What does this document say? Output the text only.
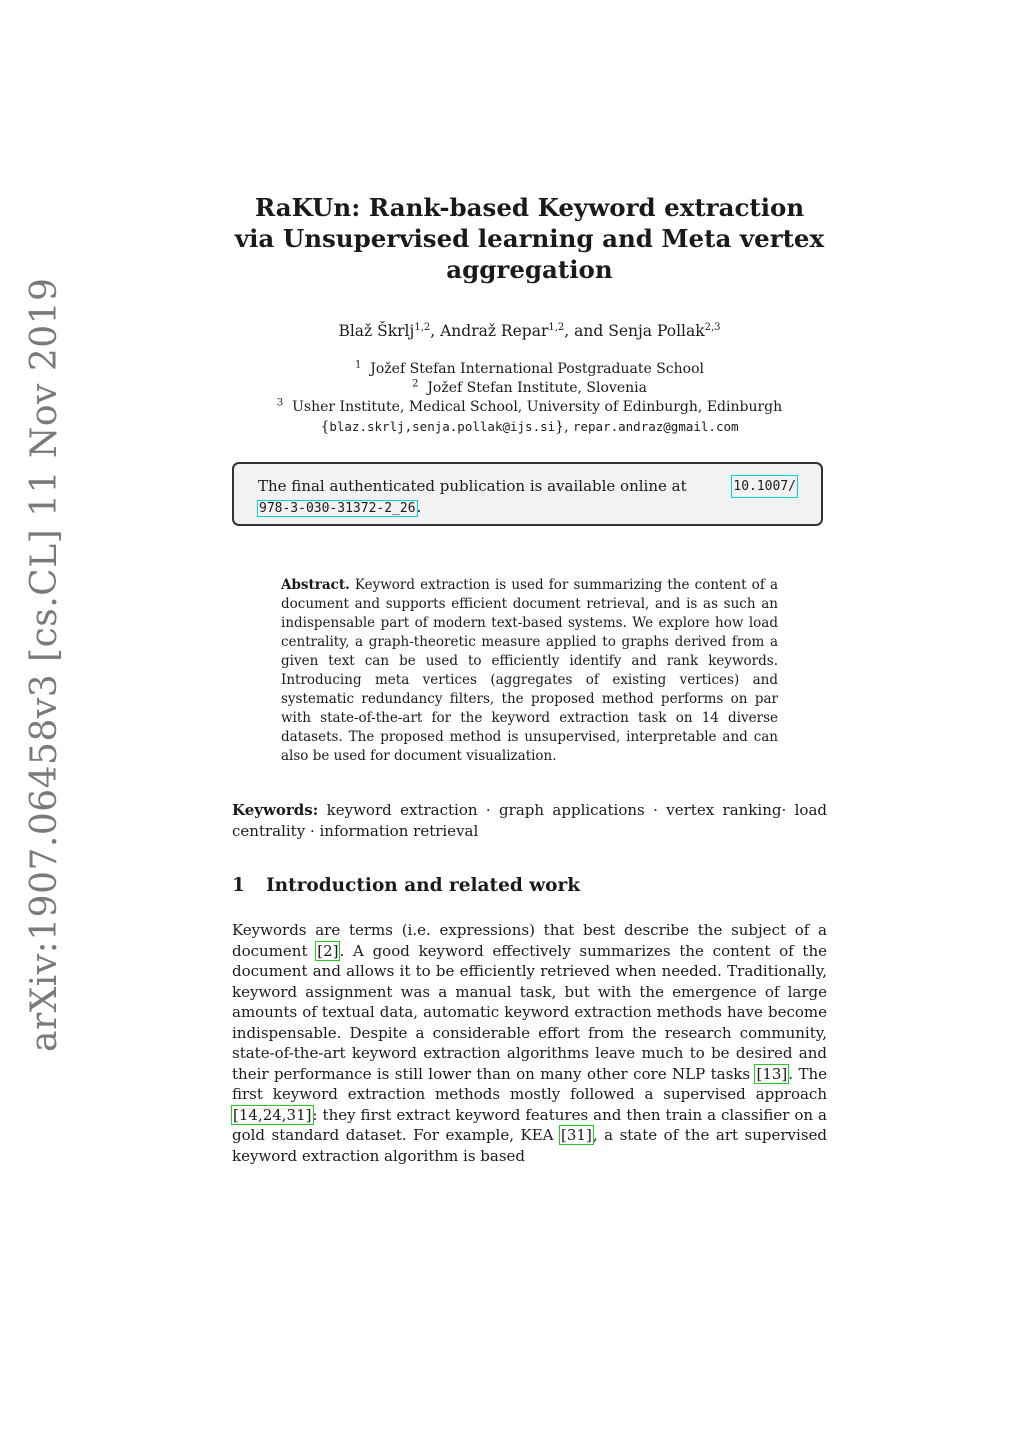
arXiv:1907.06458v3 [cs.CL] 11 Nov 2019
RaKUn: Rank-based Keyword extraction via Unsupervised learning and Meta vertex aggregation
Blaž Škrlj$^{1,2}$, Andraž Repar$^{1,2}$, and Senja Pollak$^{2,3}$
$^1$ Jožef Stefan International Postgraduate School
$^2$ Jožef Stefan Institute, Slovenia
$^3$ Usher Institute, Medical School, University of Edinburgh, Edinburgh
{blaz.skrlj,senja.pollak@ijs.si}, repar.andraz@gmail.com
The final authenticated publication is available online at	10.1007/
978-3-030-31372-2_26.
Abstract. Keyword extraction is used for summarizing the content of a document and supports efficient document retrieval, and is as such an indispensable part of modern text-based systems. We explore how load centrality, a graph-theoretic measure applied to graphs derived from a given text can be used to efficiently identify and rank keywords. Introducing meta vertices (aggregates of existing vertices) and systematic redundancy filters, the proposed method performs on par with state-of-the-art for the keyword extraction task on 14 diverse datasets. The proposed method is unsupervised, interpretable and can also be used for document visualization.
Keywords: keyword extraction · graph applications · vertex ranking· load centrality · information retrieval
1 Introduction and related work
Keywords are terms (i.e. expressions) that best describe the subject of a document [2]. A good keyword effectively summarizes the content of the document and allows it to be efficiently retrieved when needed. Traditionally, keyword assignment was a manual task, but with the emergence of large amounts of textual data, automatic keyword extraction methods have become indispensable. Despite a considerable effort from the research community, state-of-the-art keyword extraction algorithms leave much to be desired and their performance is still lower than on many other core NLP tasks [13]. The first keyword extraction methods mostly followed a supervised approach [14,24,31]: they first extract keyword features and then train a classifier on a gold standard dataset. For example, KEA [31], a state of the art supervised keyword extraction algorithm is based
